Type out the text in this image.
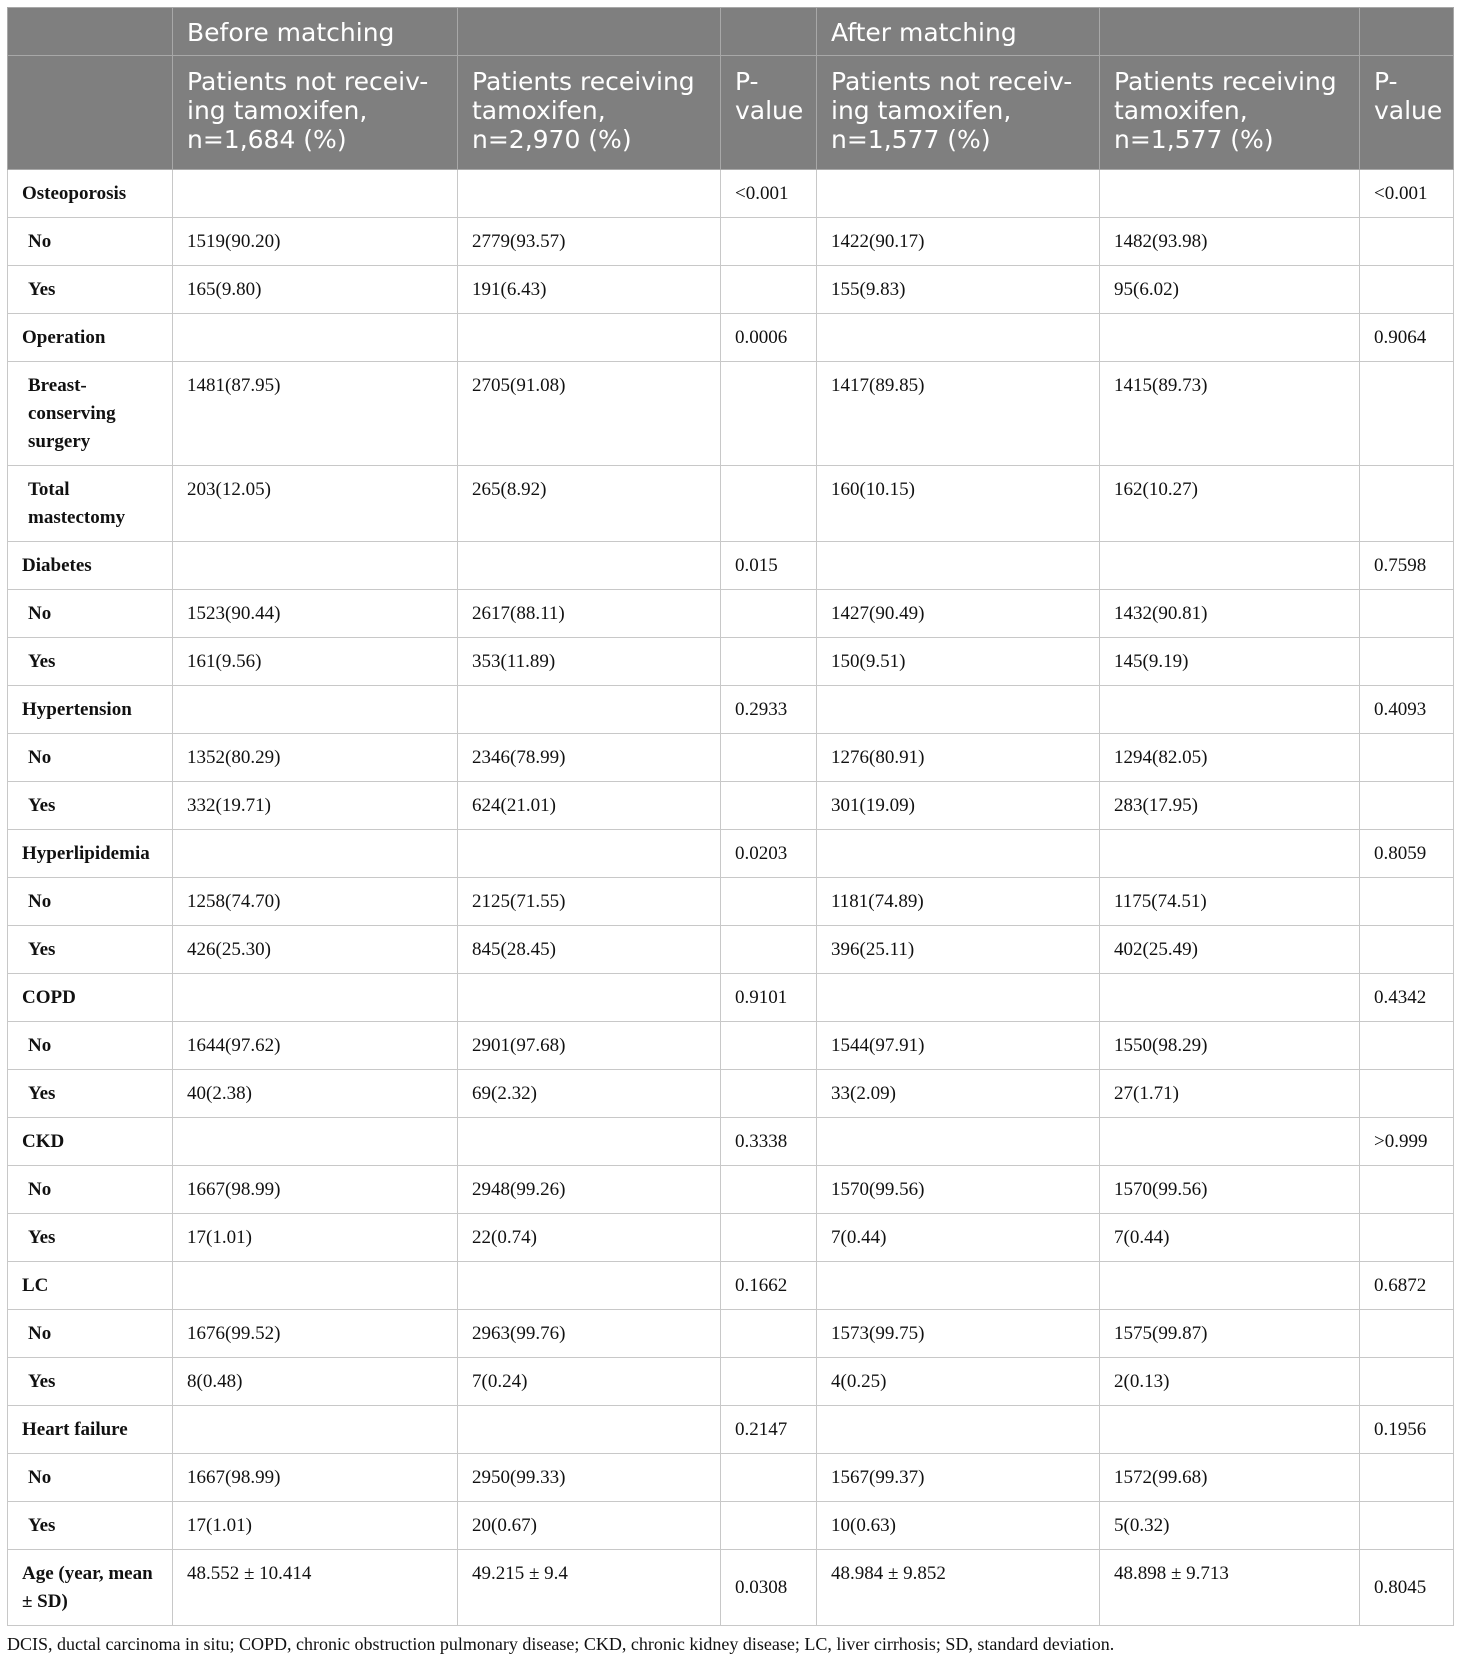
	Before matching			After matching		
	Patients not receiv-ing tamoxifen, n=1,684 (%)	Patients receiving tamoxifen, n=2,970 (%)	P-value	Patients not receiv-ing tamoxifen, n=1,577 (%)	Patients receiving tamoxifen, n=1,577 (%)	P-value
Osteoporosis			<0.001			<0.001
No	1519(90.20)	2779(93.57)		1422(90.17)	1482(93.98)	
Yes	165(9.80)	191(6.43)		155(9.83)	95(6.02)	
Operation			0.0006			0.9064
Breast-conserving surgery	1481(87.95)	2705(91.08)		1417(89.85)	1415(89.73)	
Total mastectomy	203(12.05)	265(8.92)		160(10.15)	162(10.27)	
Diabetes			0.015			0.7598
No	1523(90.44)	2617(88.11)		1427(90.49)	1432(90.81)	
Yes	161(9.56)	353(11.89)		150(9.51)	145(9.19)	
Hypertension			0.2933			0.4093
No	1352(80.29)	2346(78.99)		1276(80.91)	1294(82.05)	
Yes	332(19.71)	624(21.01)		301(19.09)	283(17.95)	
Hyperlipidemia			0.0203			0.8059
No	1258(74.70)	2125(71.55)		1181(74.89)	1175(74.51)	
Yes	426(25.30)	845(28.45)		396(25.11)	402(25.49)	
COPD			0.9101			0.4342
No	1644(97.62)	2901(97.68)		1544(97.91)	1550(98.29)	
Yes	40(2.38)	69(2.32)		33(2.09)	27(1.71)	
CKD			0.3338			>0.999
No	1667(98.99)	2948(99.26)		1570(99.56)	1570(99.56)	
Yes	17(1.01)	22(0.74)		7(0.44)	7(0.44)	
LC			0.1662			0.6872
No	1676(99.52)	2963(99.76)		1573(99.75)	1575(99.87)	
Yes	8(0.48)	7(0.24)		4(0.25)	2(0.13)	
Heart failure			0.2147			0.1956
No	1667(98.99)	2950(99.33)		1567(99.37)	1572(99.68)	
Yes	17(1.01)	20(0.67)		10(0.63)	5(0.32)	
Age (year, mean ± SD)	48.552 ± 10.414	49.215 ± 9.4	0.0308	48.984 ± 9.852	48.898 ± 9.713	0.8045
DCIS, ductal carcinoma in situ; COPD, chronic obstruction pulmonary disease; CKD, chronic kidney disease; LC, liver cirrhosis; SD, standard deviation.
